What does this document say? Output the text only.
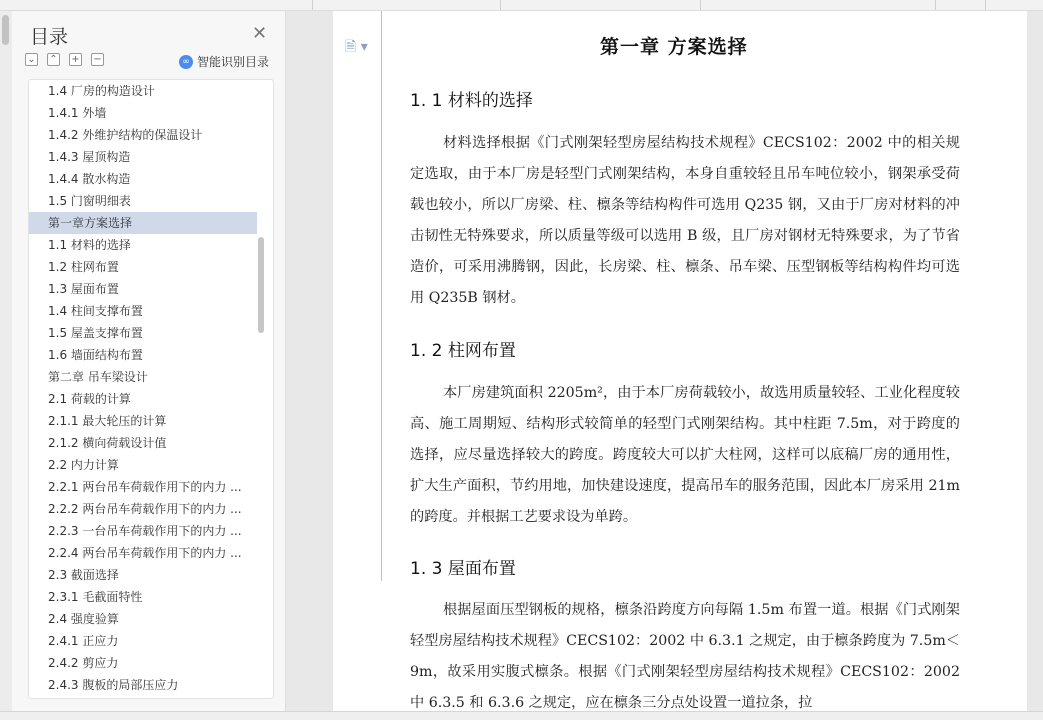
目录	✕
⌄ ⌃ + −	∞ 智能识别目录
1.4 厂房的构造设计
1.4.1 外墙
1.4.2 外维护结构的保温设计
1.4.3 屋顶构造
1.4.4 散水构造
1.5 门窗明细表
第一章方案选择
1.1 材料的选择
1.2 柱网布置
1.3 屋面布置
1.4 柱间支撑布置
1.5 屋盖支撑布置
1.6 墙面结构布置
第二章 吊车梁设计
2.1 荷载的计算
2.1.1 最大轮压的计算
2.1.2 横向荷载设计值
2.2 内力计算
2.2.1 两台吊车荷载作用下的内力 ...
2.2.2 两台吊车荷载作用下的内力 ...
2.2.3 一台吊车荷载作用下的内力 ...
2.2.4 两台吊车荷载作用下的内力 ...
2.3 截面选择
2.3.1 毛截面特性
2.4 强度验算
2.4.1 正应力
2.4.2 剪应力
2.4.3 腹板的局部压应力
🗎 ▾	第一章 方案选择
1. 1 材料的选择
材料选择根据《门式刚架轻型房屋结构技术规程》CECS102：2002 中的相关规定选取，由于本厂房是轻型门式刚架结构，本身自重较轻且吊车吨位较小，钢架承受荷载也较小，所以厂房梁、柱、檩条等结构构件可选用 Q235 钢，又由于厂房对材料的冲击韧性无特殊要求，所以质量等级可以选用 B 级，且厂房对钢材无特殊要求，为了节省造价，可采用沸腾钢，因此，长房梁、柱、檩条、吊车梁、压型钢板等结构构件均可选用 Q235B 钢材。
1. 2 柱网布置
本厂房建筑面积 2205m²，由于本厂房荷载较小，故选用质量较轻、工业化程度较高、施工周期短、结构形式较简单的轻型门式刚架结构。其中柱距 7.5m，对于跨度的选择，应尽量选择较大的跨度。跨度较大可以扩大柱网，这样可以底稿厂房的通用性，扩大生产面积，节约用地，加快建设速度，提高吊车的服务范围，因此本厂房采用 21m 的跨度。并根据工艺要求设为单跨。
1. 3 屋面布置
根据屋面压型钢板的规格，檩条沿跨度方向每隔 1.5m 布置一道。根据《门式刚架轻型房屋结构技术规程》CECS102：2002 中 6.3.1 之规定，由于檩条跨度为 7.5m＜9m，故采用实腹式檩条。根据《门式刚架轻型房屋结构技术规程》CECS102：2002 中 6.3.5 和 6.3.6 之规定，应在檩条三分点处设置一道拉条，拉
